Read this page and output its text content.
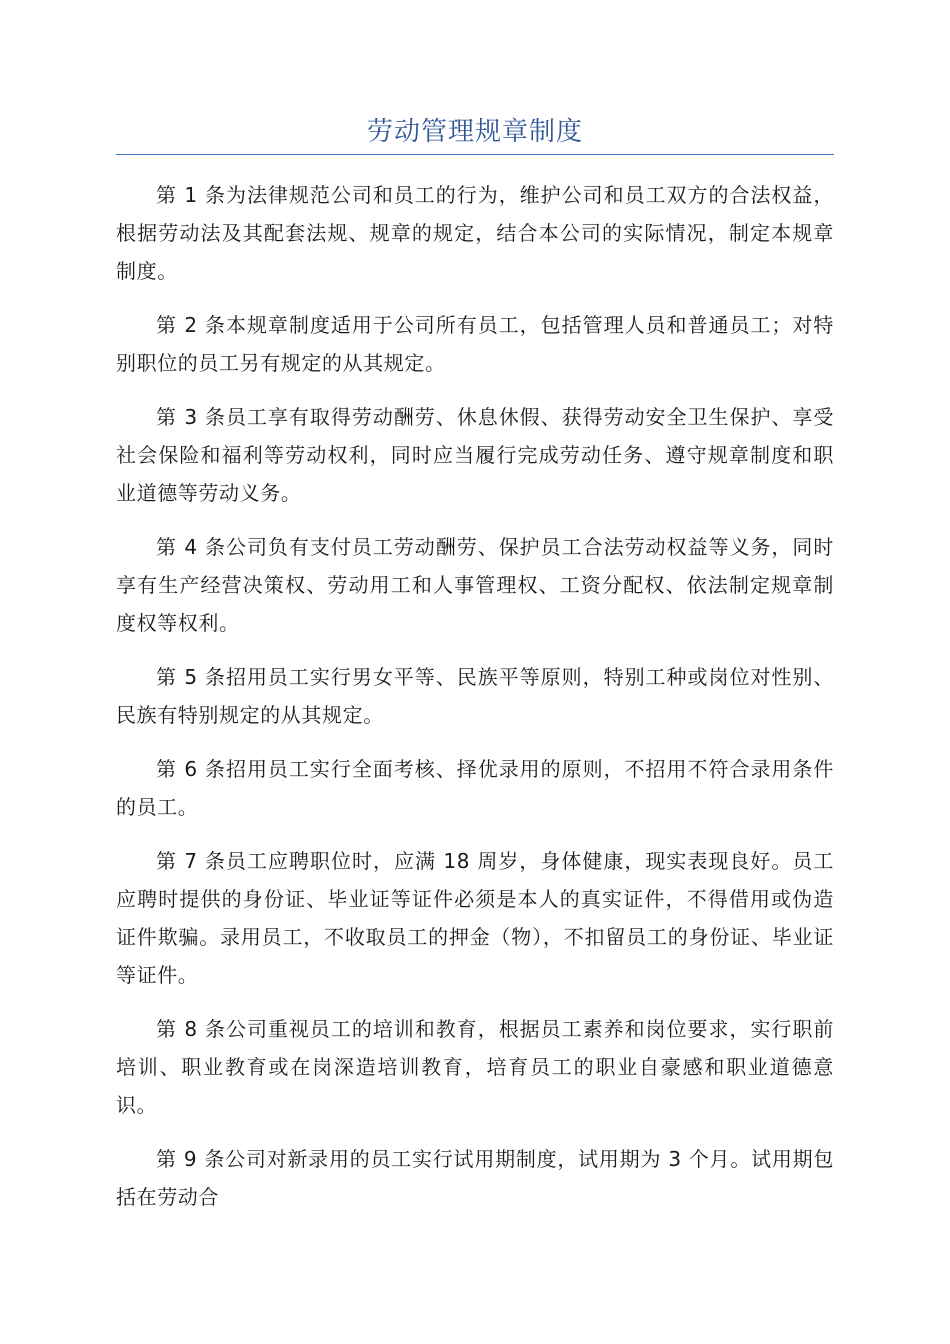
劳动管理规章制度

第 1 条为法律规范公司和员工的行为，维护公司和员工双方的合法权益，根据劳动法及其配套法规、规章的规定，结合本公司的实际情况，制定本规章制度。

第 2 条本规章制度适用于公司所有员工，包括管理人员和普通员工；对特别职位的员工另有规定的从其规定。

第 3 条员工享有取得劳动酬劳、休息休假、获得劳动安全卫生保护、享受社会保险和福利等劳动权利，同时应当履行完成劳动任务、遵守规章制度和职业道德等劳动义务。

第 4 条公司负有支付员工劳动酬劳、保护员工合法劳动权益等义务，同时享有生产经营决策权、劳动用工和人事管理权、工资分配权、依法制定规章制度权等权利。

第 5 条招用员工实行男女平等、民族平等原则，特别工种或岗位对性别、民族有特别规定的从其规定。

第 6 条招用员工实行全面考核、择优录用的原则，不招用不符合录用条件的员工。

第 7 条员工应聘职位时，应满 18 周岁，身体健康，现实表现良好。员工应聘时提供的身份证、毕业证等证件必须是本人的真实证件，不得借用或伪造证件欺骗。录用员工，不收取员工的押金（物），不扣留员工的身份证、毕业证等证件。

第 8 条公司重视员工的培训和教育，根据员工素养和岗位要求，实行职前培训、职业教育或在岗深造培训教育，培育员工的职业自豪感和职业道德意识。

第 9 条公司对新录用的员工实行试用期制度，试用期为 3 个月。试用期包括在劳动合
